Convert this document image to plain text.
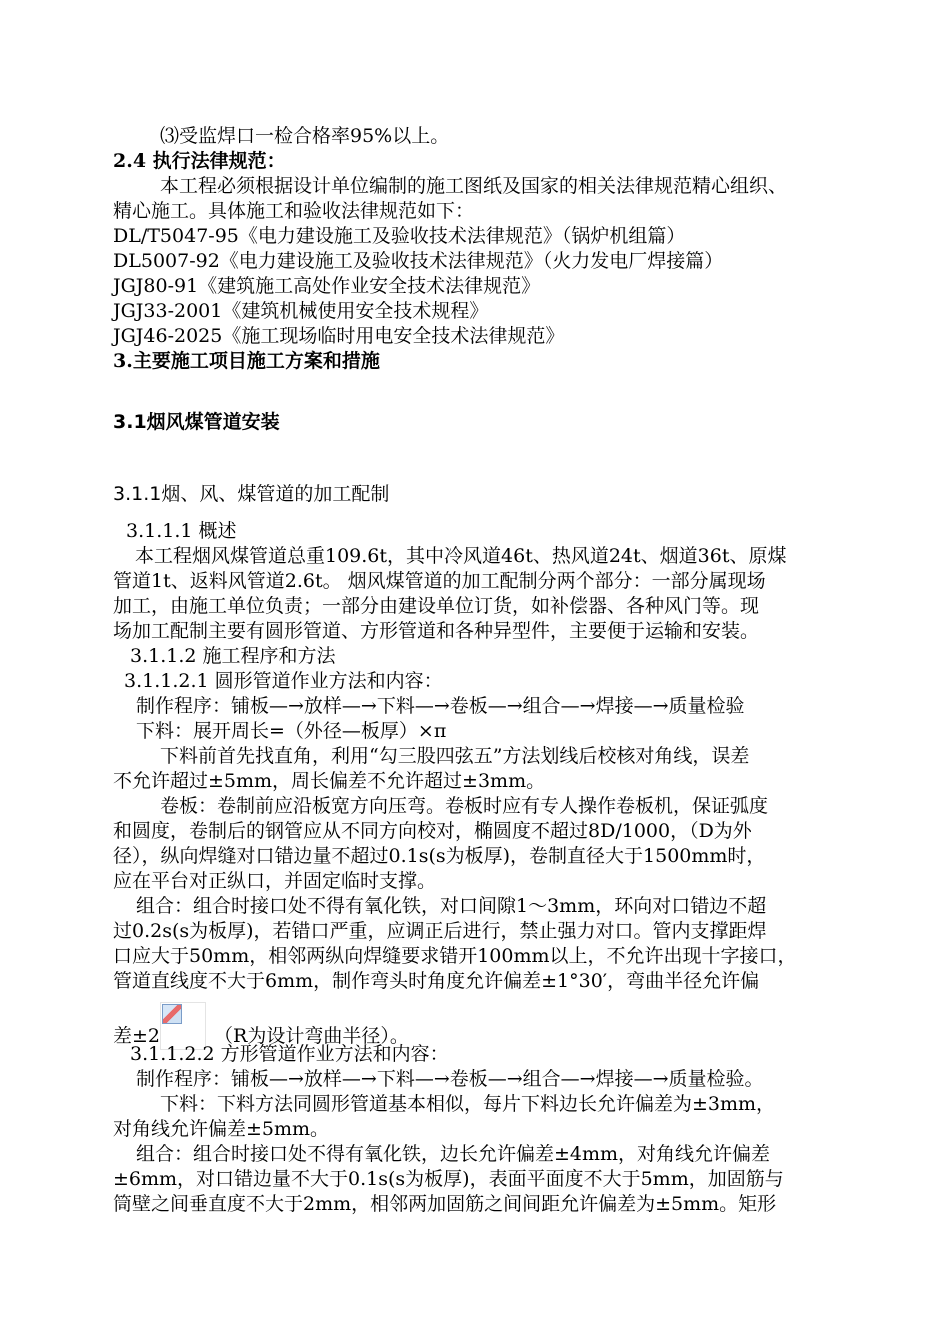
⑶受监焊口一检合格率95%以上。
2.4 执行法律规范：
本工程必须根据设计单位编制的施工图纸及国家的相关法律规范精心组织、
精心施工。具体施工和验收法律规范如下：
DL/T5047-95《电力建设施工及验收技术法律规范》（锅炉机组篇）
DL5007-92《电力建设施工及验收技术法律规范》（火力发电厂焊接篇）
JGJ80-91《建筑施工高处作业安全技术法律规范》
JGJ33-2001《建筑机械使用安全技术规程》
JGJ46-2025《施工现场临时用电安全技术法律规范》
3.主要施工项目施工方案和措施
3.1烟风煤管道安装
3.1.1烟、风、煤管道的加工配制
3.1.1.1 概述
本工程烟风煤管道总重109.6t，其中冷风道46t、热风道24t、烟道36t、原煤
管道1t、返料风管道2.6t。 烟风煤管道的加工配制分两个部分：一部分属现场
加工，由施工单位负责；一部分由建设单位订货，如补偿器、各种风门等。现
场加工配制主要有圆形管道、方形管道和各种异型件，主要便于运输和安装。
3.1.1.2 施工程序和方法
3.1.1.2.1 圆形管道作业方法和内容：
制作程序：铺板—→放样—→下料—→卷板—→组合—→焊接—→质量检验
下料：展开周长=（外径—板厚）×π
下料前首先找直角，利用“勾三股四弦五”方法划线后校核对角线，误差
不允许超过±5mm，周长偏差不允许超过±3mm。
卷板：卷制前应沿板宽方向压弯。卷板时应有专人操作卷板机，保证弧度
和圆度，卷制后的钢管应从不同方向校对，椭圆度不超过8D/1000，（D为外
径），纵向焊缝对口错边量不超过0.1s(s为板厚)，卷制直径大于1500mm时，
应在平台对正纵口，并固定临时支撑。
组合：组合时接口处不得有氧化铁，对口间隙1～3mm，环向对口错边不超
过0.2s(s为板厚)，若错口严重，应调正后进行，禁止强力对口。管内支撑距焊
口应大于50mm，相邻两纵向焊缝要求错开100mm以上，不允许出现十字接口，
管道直线度不大于6mm，制作弯头时角度允许偏差±1°30′，弯曲半径允许偏
差±2	（R为设计弯曲半径）。
3.1.1.2.2 方形管道作业方法和内容：
制作程序：铺板—→放样—→下料—→卷板—→组合—→焊接—→质量检验。
下料：下料方法同圆形管道基本相似，每片下料边长允许偏差为±3mm，
对角线允许偏差±5mm。
组合：组合时接口处不得有氧化铁，边长允许偏差±4mm，对角线允许偏差
±6mm，对口错边量不大于0.1s(s为板厚)，表面平面度不大于5mm，加固筋与
筒壁之间垂直度不大于2mm，相邻两加固筋之间间距允许偏差为±5mm。矩形
